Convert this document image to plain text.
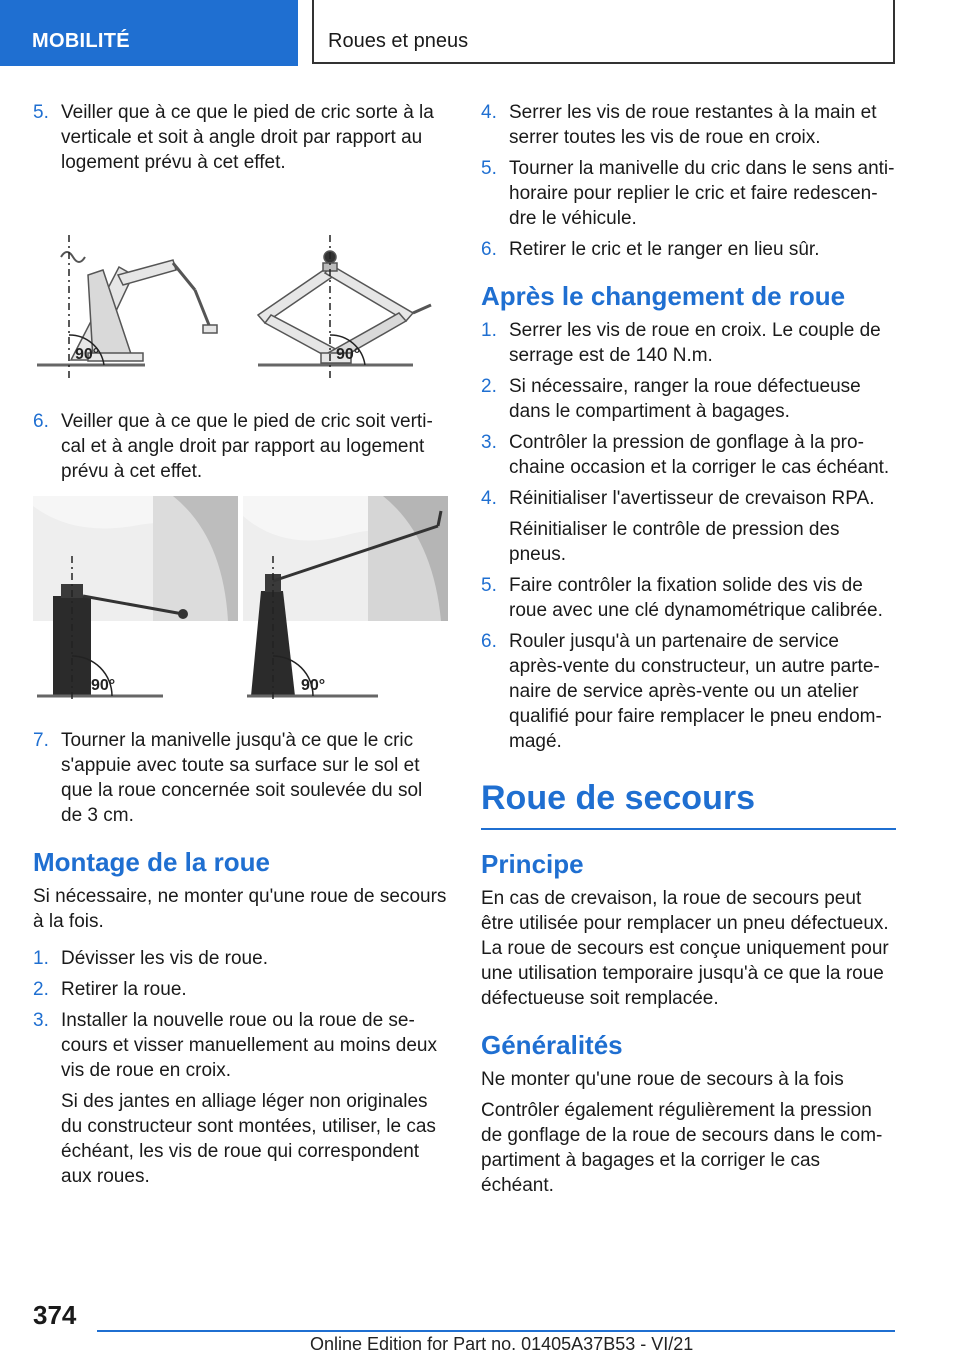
MOBILITÉ	Roues et pneus
5. Veiller que à ce que le pied de cric sorte à la verticale et soit à angle droit par rapport au logement prévu à cet effet.
90°	90°
6. Veiller que à ce que le pied de cric soit vertical et à angle droit par rapport au logement prévu à cet effet.
90°	90°
7. Tourner la manivelle jusqu'à ce que le cric s'appuie avec toute sa surface sur le sol et que la roue concernée soit soulevée du sol de 3 cm.
Montage de la roue

Si nécessaire, ne monter qu'une roue de secours à la fois.

1. Dévisser les vis de roue.
2. Retirer la roue.
3. Installer la nouvelle roue ou la roue de secours et visser manuellement au moins deux vis de roue en croix.
Si des jantes en alliage léger non originales du constructeur sont montées, utiliser, le cas échéant, les vis de roue qui correspondent aux roues.
4. Serrer les vis de roue restantes à la main et serrer toutes les vis de roue en croix.
5. Tourner la manivelle du cric dans le sens antihoraire pour replier le cric et faire redescendre le véhicule.
6. Retirer le cric et le ranger en lieu sûr.
Après le changement de roue
1. Serrer les vis de roue en croix. Le couple de serrage est de 140 N.m.
2. Si nécessaire, ranger la roue défectueuse dans le compartiment à bagages.
3. Contrôler la pression de gonflage à la prochaine occasion et la corriger le cas échéant.
4. Réinitialiser l'avertisseur de crevaison RPA.
Réinitialiser le contrôle de pression des pneus.
5. Faire contrôler la fixation solide des vis de roue avec une clé dynamométrique calibrée.
6. Rouler jusqu'à un partenaire de service après-vente du constructeur, un autre partenaire de service après-vente ou un atelier qualifié pour faire remplacer le pneu endommagé.
Roue de secours
Principe

En cas de crevaison, la roue de secours peut être utilisée pour remplacer un pneu défectueux. La roue de secours est conçue uniquement pour une utilisation temporaire jusqu'à ce que la roue défectueuse soit remplacée.

Généralités

Ne monter qu'une roue de secours à la fois

Contrôler également régulièrement la pression de gonflage de la roue de secours dans le compartiment à bagages et la corriger le cas échéant.

374
Online Edition for Part no. 01405A37B53 - VI/21
